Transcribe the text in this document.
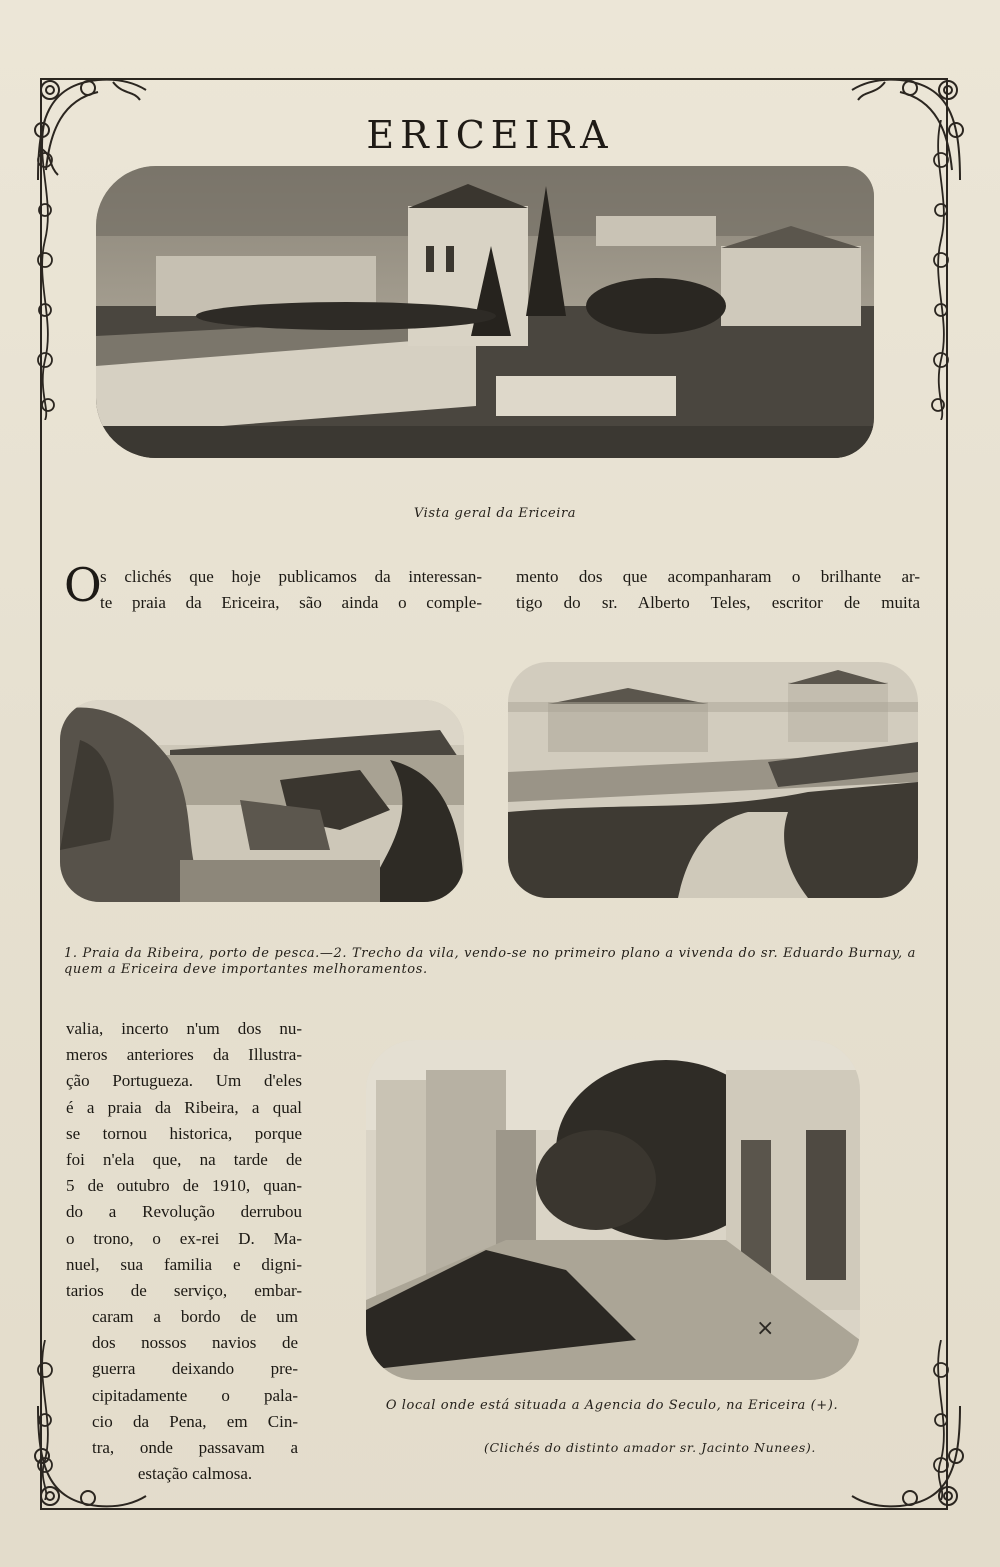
ERICEIRA
Vista geral da Ericeira
O
s clichés que hoje publicamos da interessan-
te praia da Ericeira, são ainda o comple-
mento dos que acompanharam o brilhante ar-
tigo do sr. Alberto Teles, escritor de muita
1. Praia da Ribeira, porto de pesca.—2. Trecho da vila, vendo-se no primeiro plano a vivenda do sr. Eduardo Burnay, a quem a Ericeira deve importantes melhoramentos.
valia, incerto n'um dos nu-
meros anteriores da Illustra-
ção Portugueza. Um d'eles
é a praia da Ribeira, a qual
se tornou historica, porque
foi n'ela que, na tarde de
5 de outubro de 1910, quan-
do a Revolução derrubou
o trono, o ex-rei D. Ma-
nuel, sua familia e digni-
tarios de serviço, embar-
caram a bordo de um
dos nossos navios de
guerra deixando pre-
cipitadamente o pala-
cio da Pena, em Cin-
tra, onde passavam a
estação calmosa.
×
O local onde está situada a Agencia do Seculo, na Ericeira (+).
(Clichés do distinto amador sr. Jacinto Nunees).
